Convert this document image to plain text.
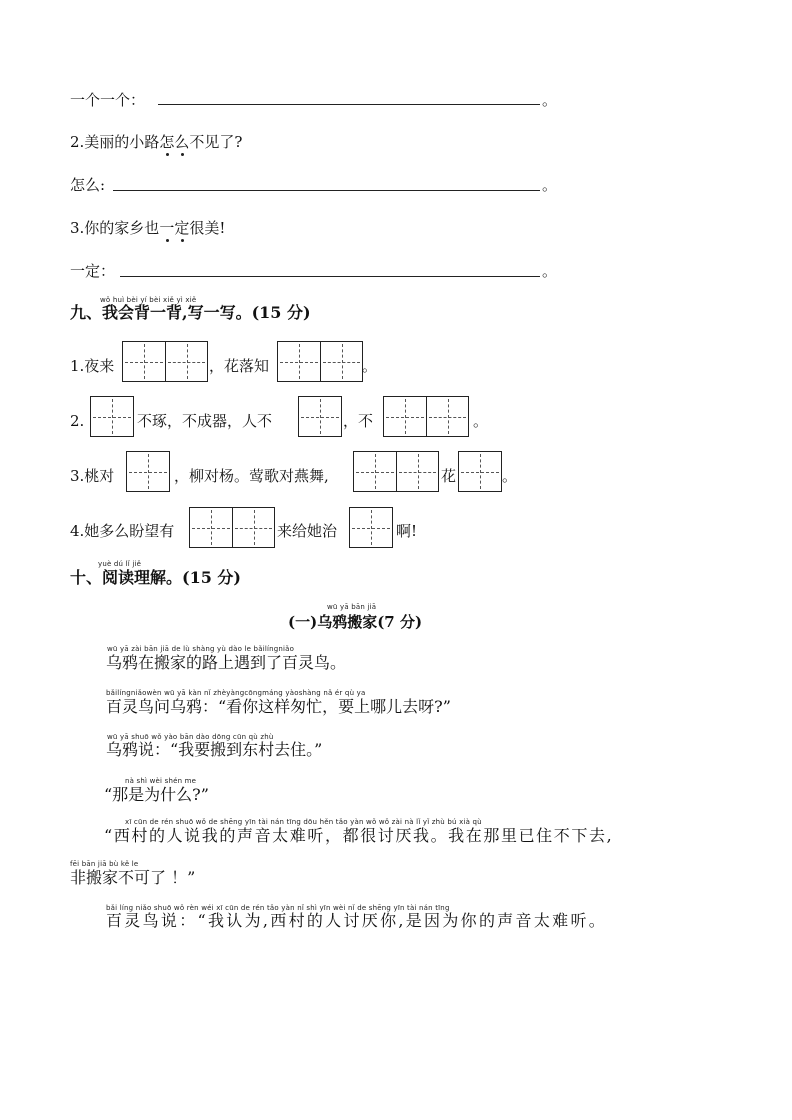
一个一个：	。
2.美丽的小路怎么不见了?
怎么:	。
3.你的家乡也一定很美!
一定：	。
wǒ huì bèi yí bèi xiě yì xiě
九、我会背一背,写一写。(15 分)
1.夜来	，花落知	。
2.	不琢，不成器，人不	，不	。
3.桃对	，柳对杨。莺歌对燕舞,	花	。
4.她多么盼望有	来给她治	啊!
yuè dú lǐ jiě
十、阅读理解。(15 分)
wū yā bān jiā
(一)乌鸦搬家(7 分)
wū yā zài bān jiā de lù shàng yù dào le bǎilíngniǎo
乌鸦在搬家的路上遇到了百灵鸟。
bǎilíngniǎowèn wū yā kàn nǐ zhèyàngcōngmáng yàoshàng nǎ ér qù ya
百灵鸟问乌鸦：“看你这样匆忙，要上哪儿去呀?”
wū yā shuō wǒ yào bān dào dōng cūn qù zhù
乌鸦说：“我要搬到东村去住。”
nà shì wèi shén me
“那是为什么?”
xī cūn de rén shuō wǒ de shēng yīn tài nán tīng dōu hěn tǎo yàn wǒ wǒ zài nà lǐ yǐ zhù bú xià qù
“西村的人说我的声音太难听，都很讨厌我。我在那里已住不下去,
fēi bān jiā bù kě le
非搬家不可了 ！”
bǎi líng niǎo shuō wǒ rèn wéi xī cūn de rén tǎo yàn nǐ shì yīn wèi nǐ de shēng yīn tài nán tīng
百灵鸟说：“我认为,西村的人讨厌你,是因为你的声音太难听。
